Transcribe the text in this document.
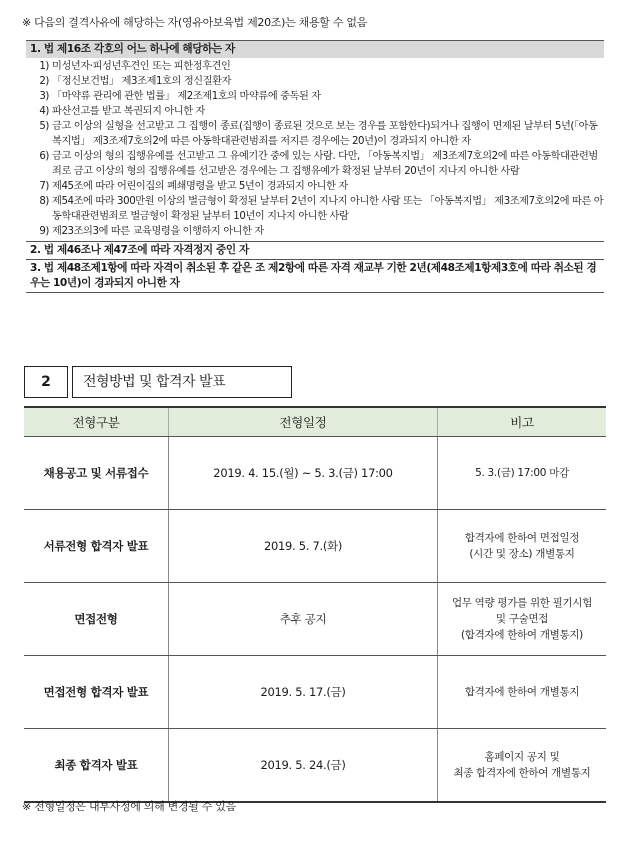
※ 다음의 결격사유에 해당하는 자(영유아보육법 제20조)는 채용할 수 없음
1. 법 제16조 각호의 어느 하나에 해당하는 자
1) 미성년자·피성년후견인 또는 피한정후견인
2) 「정신보건법」 제3조제1호의 정신질환자
3) 「마약류 관리에 관한 법률」 제2조제1호의 마약류에 중독된 자
4) 파산선고를 받고 복권되지 아니한 자
5) 금고 이상의 실형을 선고받고 그 집행이 종료(집행이 종료된 것으로 보는 경우를 포함한다)되거나 집행이 면제된 날부터 5년(「아동복지법」 제3조제7호의2에 따른 아동학대관련범죄를 저지른 경우에는 20년)이 경과되지 아니한 자
6) 금고 이상의 형의 집행유예를 선고받고 그 유예기간 중에 있는 사람. 다만, 「아동복지법」 제3조제7호의2에 따른 아동학대관련범죄로 금고 이상의 형의 집행유예를 선고받은 경우에는 그 집행유예가 확정된 날부터 20년이 지나지 아니한 사람
7) 제45조에 따라 어린이집의 폐쇄명령을 받고 5년이 경과되지 아니한 자
8) 제54조에 따라 300만원 이상의 벌금형이 확정된 날부터 2년이 지나지 아니한 사람 또는 「아동복지법」 제3조제7호의2에 따른 아동학대관련범죄로 벌금형이 확정된 날부터 10년이 지나지 아니한 사람
9) 제23조의3에 따른 교육명령을 이행하지 아니한 자
2. 법 제46조나 제47조에 따라 자격정지 중인 자
3. 법 제48조제1항에 따라 자격이 취소된 후 같은 조 제2항에 따른 자격 재교부 기한 2년(제48조제1항제3호에 따라 취소된 경우는 10년)이 경과되지 아니한 자
2	전형방법 및 합격자 발표
전형구분	전형일정	비고
채용공고 및 서류접수	2019. 4. 15.(월) ~ 5. 3.(금) 17:00	5. 3.(금) 17:00 마감

서류전형 합격자 발표	2019. 5. 7.(화)	합격자에 한하여 면접일정
(시간 및 장소) 개별통지

면접전형	추후 공지	업무 역량 평가를 위한 필기시험
및 구술면접
(합격자에 한하여 개별통지)

면접전형 합격자 발표	2019. 5. 17.(금)	합격자에 한하여 개별통지

최종 합격자 발표	2019. 5. 24.(금)	홈페이지 공지 및
최종 합격자에 한하여 개별통지
※ 전형일정은 내부사정에 의해 변경될 수 있음
